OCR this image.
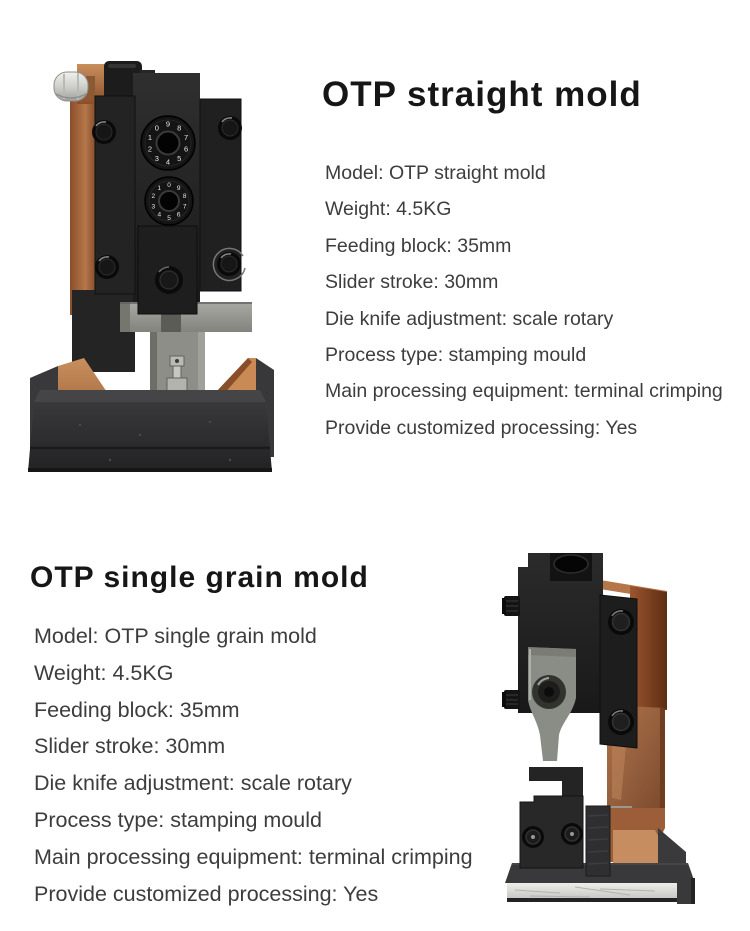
0
1
2
3 4 5
6
7
8
9
0
1
2
3
4 5 6
7
8
9
OTP straight mold
Model: OTP straight mold
Weight: 4.5KG
Feeding block: 35mm
Slider stroke: 30mm
Die knife adjustment: scale rotary
Process type: stamping mould
Main processing equipment: terminal crimping
Provide customized processing: Yes
OTP single grain mold
Model: OTP single grain mold
Weight: 4.5KG
Feeding block: 35mm
Slider stroke: 30mm
Die knife adjustment: scale rotary
Process type: stamping mould
Main processing equipment: terminal crimping
Provide customized processing: Yes
